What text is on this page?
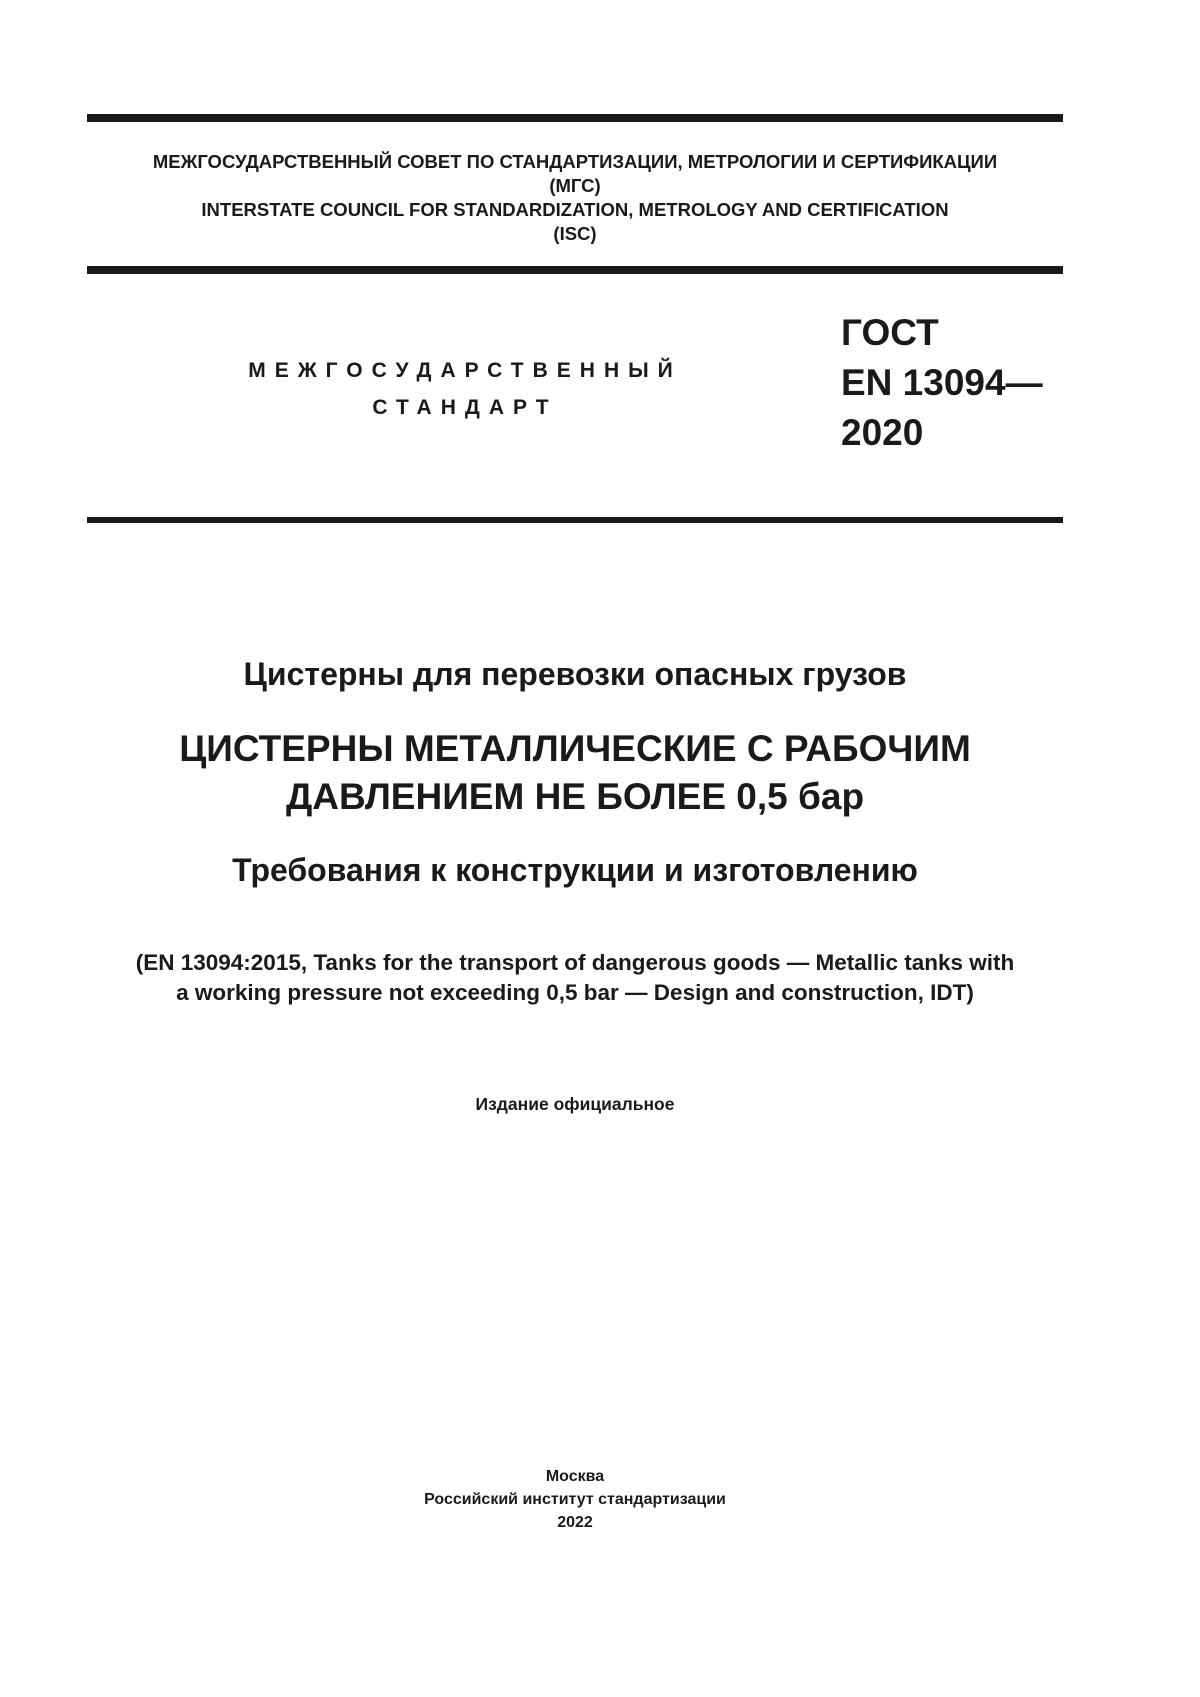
МЕЖГОСУДАРСТВЕННЫЙ СОВЕТ ПО СТАНДАРТИЗАЦИИ, МЕТРОЛОГИИ И СЕРТИФИКАЦИИ
(МГС)
INTERSTATE COUNCIL FOR STANDARDIZATION, METROLOGY AND CERTIFICATION
(ISC)
МЕЖГОСУДАРСТВЕННЫЙ
СТАНДАРТ
ГОСТ
EN 13094—
2020
Цистерны для перевозки опасных грузов
ЦИСТЕРНЫ МЕТАЛЛИЧЕСКИЕ С РАБОЧИМ
ДАВЛЕНИЕМ НЕ БОЛЕЕ 0,5 бар
Требования к конструкции и изготовлению
(EN 13094:2015, Tanks for the transport of dangerous goods — Metallic tanks with
a working pressure not exceeding 0,5 bar — Design and construction, IDT)
Издание официальное
Москва
Российский институт стандартизации
2022
